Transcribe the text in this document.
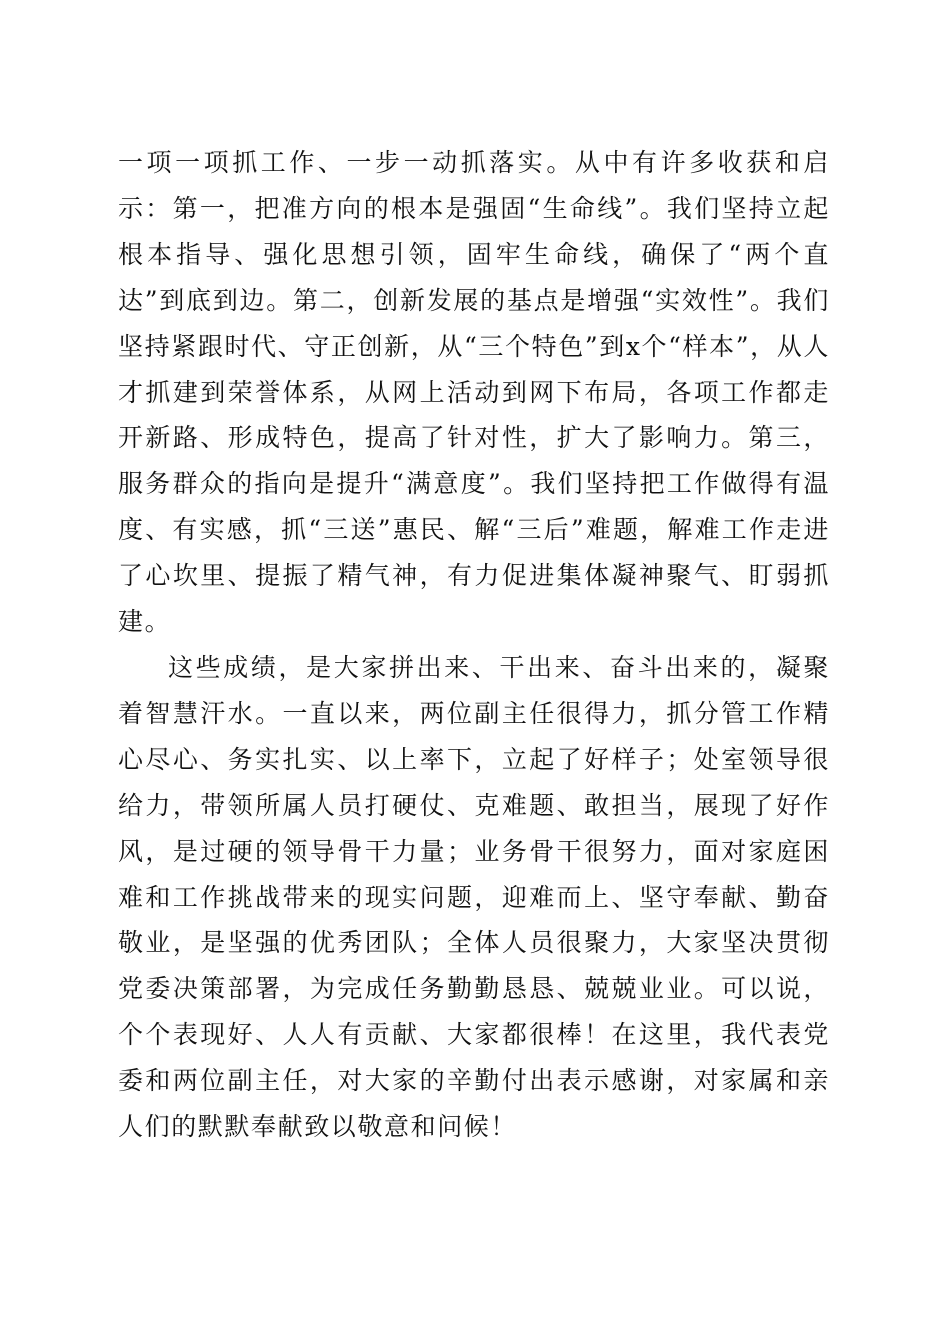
一项一项抓工作、一步一动抓落实。从中有许多收获和启示：第一，把准方向的根本是强固“生命线”。我们坚持立起根本指导、强化思想引领，固牢生命线，确保了“两个直达”到底到边。第二，创新发展的基点是增强“实效性”。我们坚持紧跟时代、守正创新，从“三个特色”到x个“样本”，从人才抓建到荣誉体系，从网上活动到网下布局，各项工作都走开新路、形成特色，提高了针对性，扩大了影响力。第三，服务群众的指向是提升“满意度”。我们坚持把工作做得有温度、有实感，抓“三送”惠民、解“三后”难题，解难工作走进了心坎里、提振了精气神，有力促进集体凝神聚气、盯弱抓建。

这些成绩，是大家拼出来、干出来、奋斗出来的，凝聚着智慧汗水。一直以来，两位副主任很得力，抓分管工作精心尽心、务实扎实、以上率下，立起了好样子；处室领导很给力，带领所属人员打硬仗、克难题、敢担当，展现了好作风，是过硬的领导骨干力量；业务骨干很努力，面对家庭困难和工作挑战带来的现实问题，迎难而上、坚守奉献、勤奋敬业，是坚强的优秀团队；全体人员很聚力，大家坚决贯彻党委决策部署，为完成任务勤勤恳恳、兢兢业业。可以说，个个表现好、人人有贡献、大家都很棒！在这里，我代表党委和两位副主任，对大家的辛勤付出表示感谢，对家属和亲人们的默默奉献致以敬意和问候！
